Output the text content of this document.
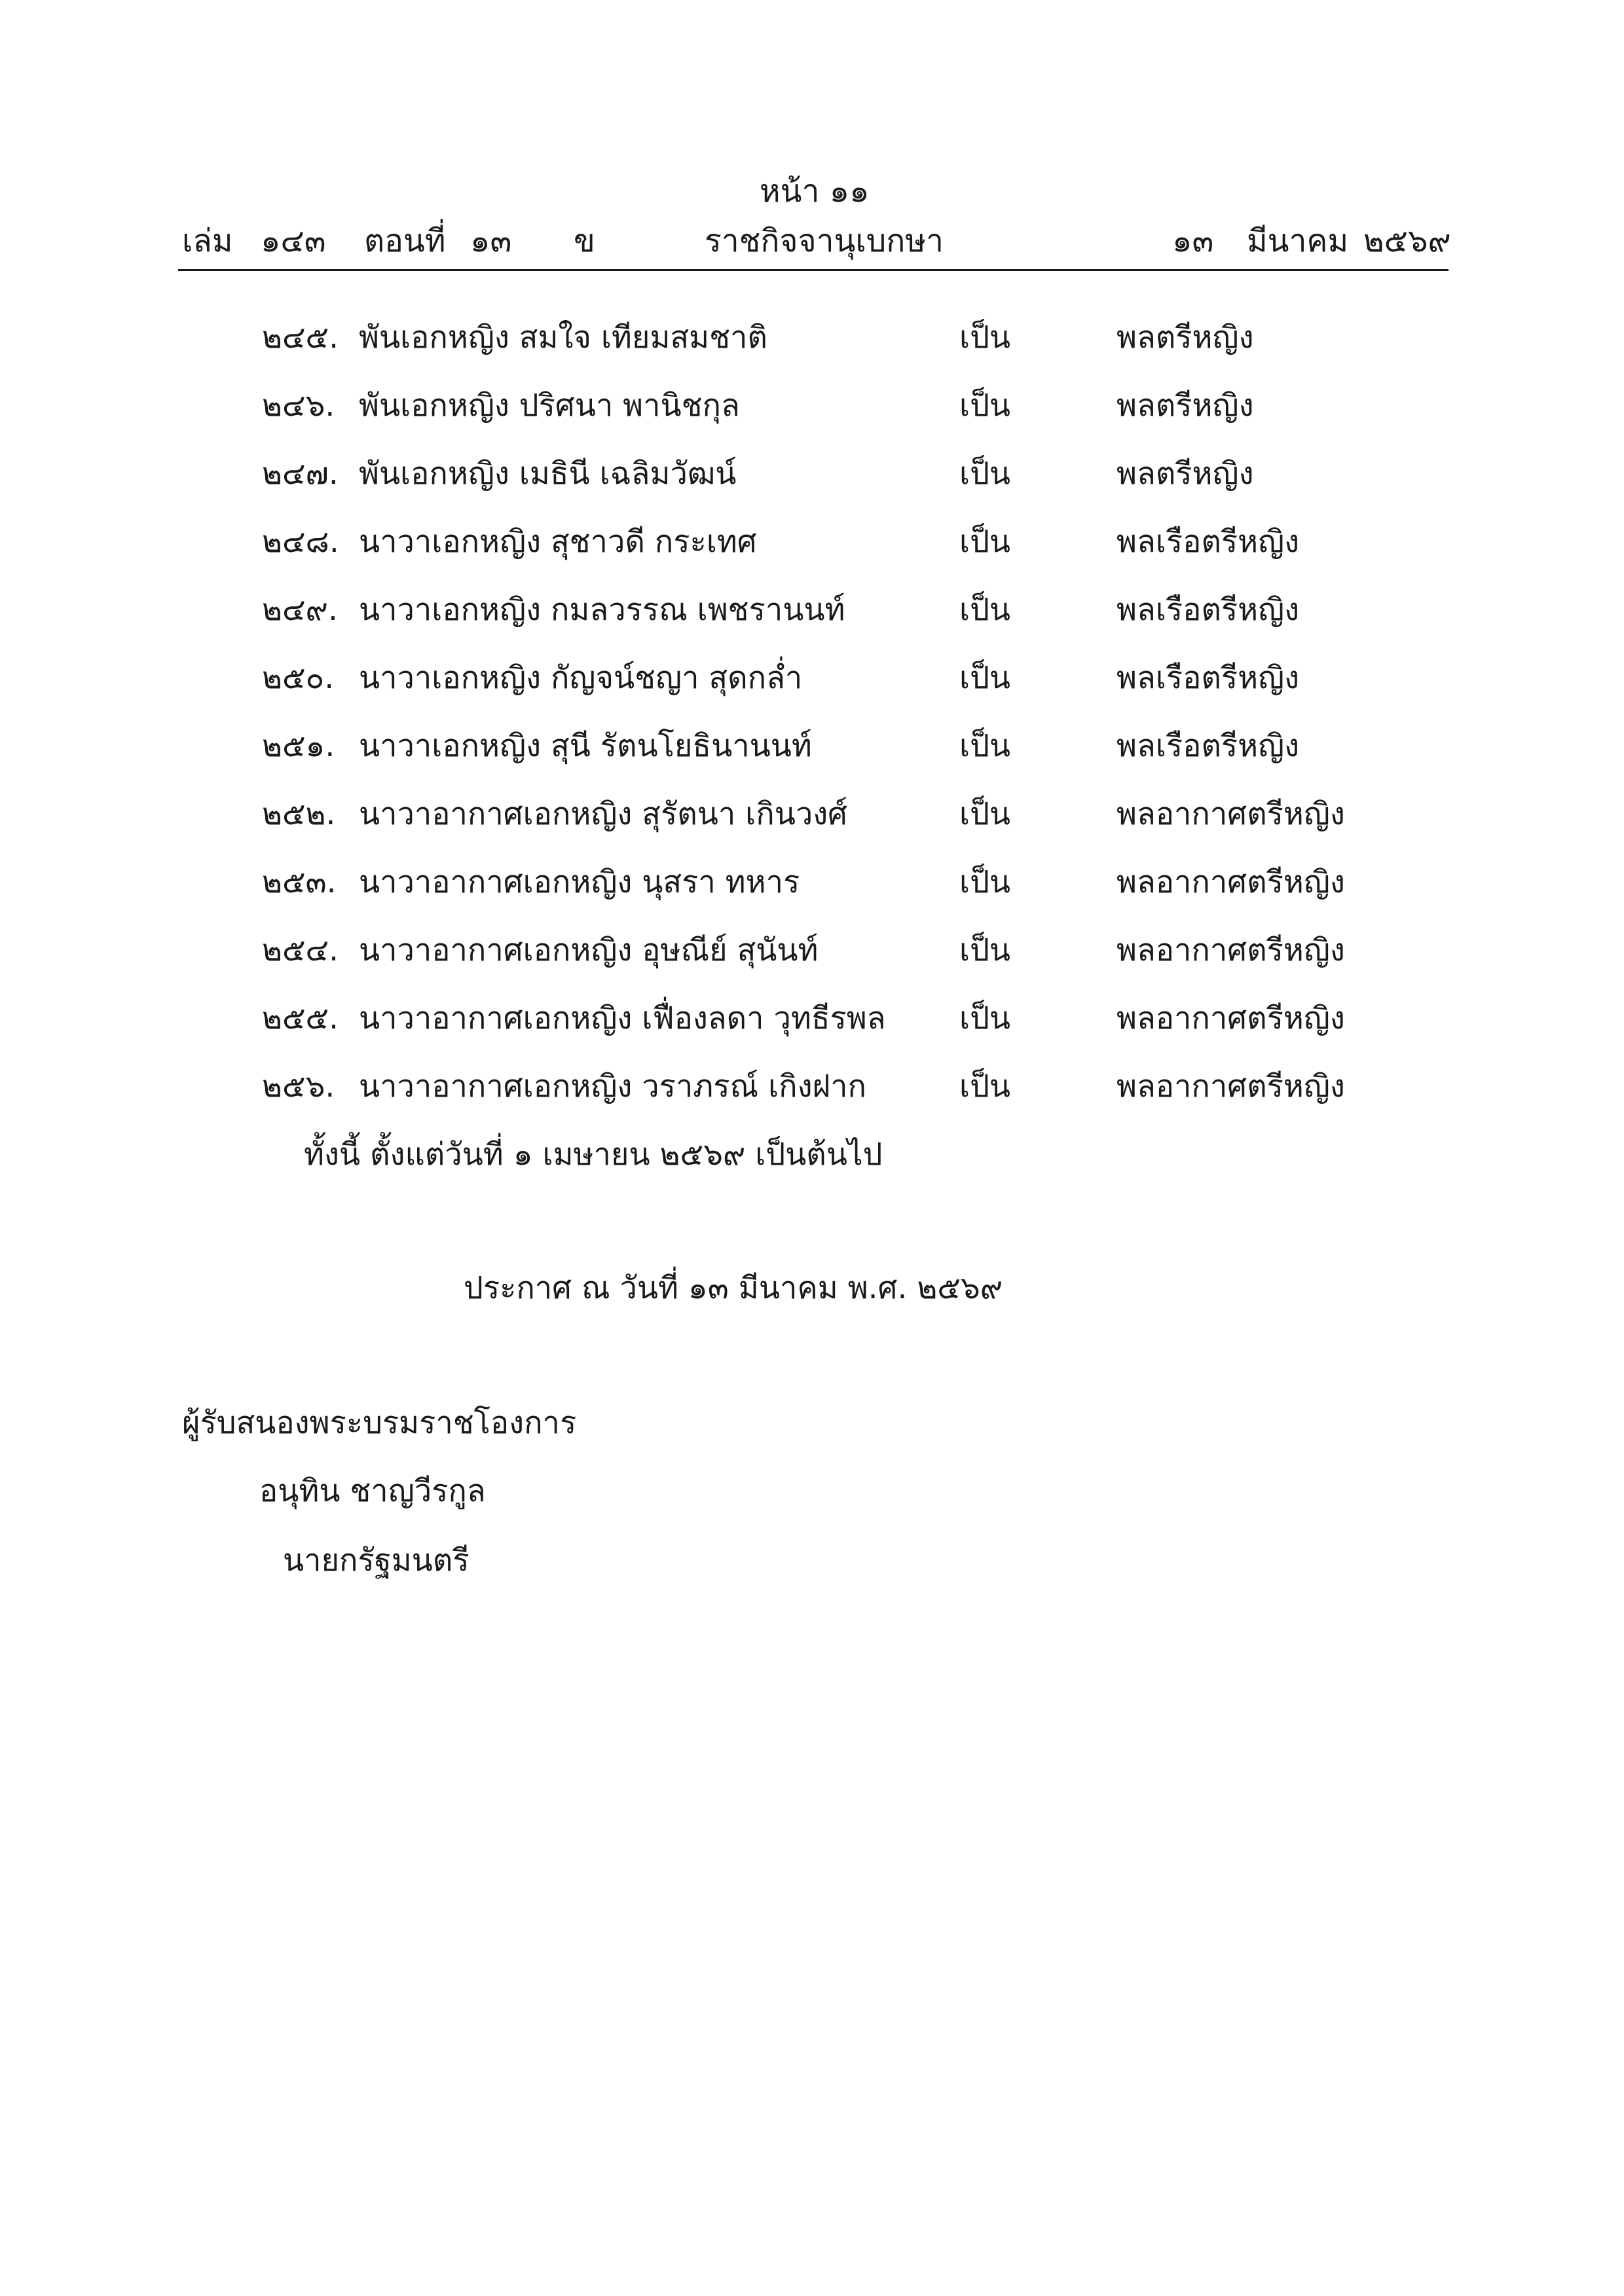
หน้า ๑๑
เล่ม ๑๔๓ ตอนที่ ๑๓ ข	ราชกิจจานุเบกษา	๑๓ มีนาคม ๒๕๖๙
๒๔๕. พันเอกหญิง สมใจ เทียมสมชาติ	เป็น	พลตรีหญิง
๒๔๖. พันเอกหญิง ปริศนา พานิชกุล	เป็น	พลตรีหญิง
๒๔๗. พันเอกหญิง เมธินี เฉลิมวัฒน์	เป็น	พลตรีหญิง
๒๔๘. นาวาเอกหญิง สุชาวดี กระเทศ	เป็น	พลเรือตรีหญิง
๒๔๙. นาวาเอกหญิง กมลวรรณ เพชรานนท์	เป็น	พลเรือตรีหญิง
๒๕๐. นาวาเอกหญิง กัญจน์ชญา สุดกล่ำ	เป็น	พลเรือตรีหญิง
๒๕๑. นาวาเอกหญิง สุนี รัตนโยธินานนท์	เป็น	พลเรือตรีหญิง
๒๕๒. นาวาอากาศเอกหญิง สุรัตนา เกินวงศ์	เป็น	พลอากาศตรีหญิง
๒๕๓. นาวาอากาศเอกหญิง นุสรา ทหาร	เป็น	พลอากาศตรีหญิง
๒๕๔. นาวาอากาศเอกหญิง อุษณีย์ สุนันท์	เป็น	พลอากาศตรีหญิง
๒๕๕. นาวาอากาศเอกหญิง เฟื่องลดา วุทธีรพล เป็น	พลอากาศตรีหญิง
๒๕๖. นาวาอากาศเอกหญิง วราภรณ์ เกิงฝาก	เป็น	พลอากาศตรีหญิง
ทั้งนี้ ตั้งแต่วันที่ ๑ เมษายน ๒๕๖๙ เป็นต้นไป
ประกาศ ณ วันที่ ๑๓ มีนาคม พ.ศ. ๒๕๖๙
ผู้รับสนองพระบรมราชโองการ
อนุทิน ชาญวีรกูล
นายกรัฐมนตรี
